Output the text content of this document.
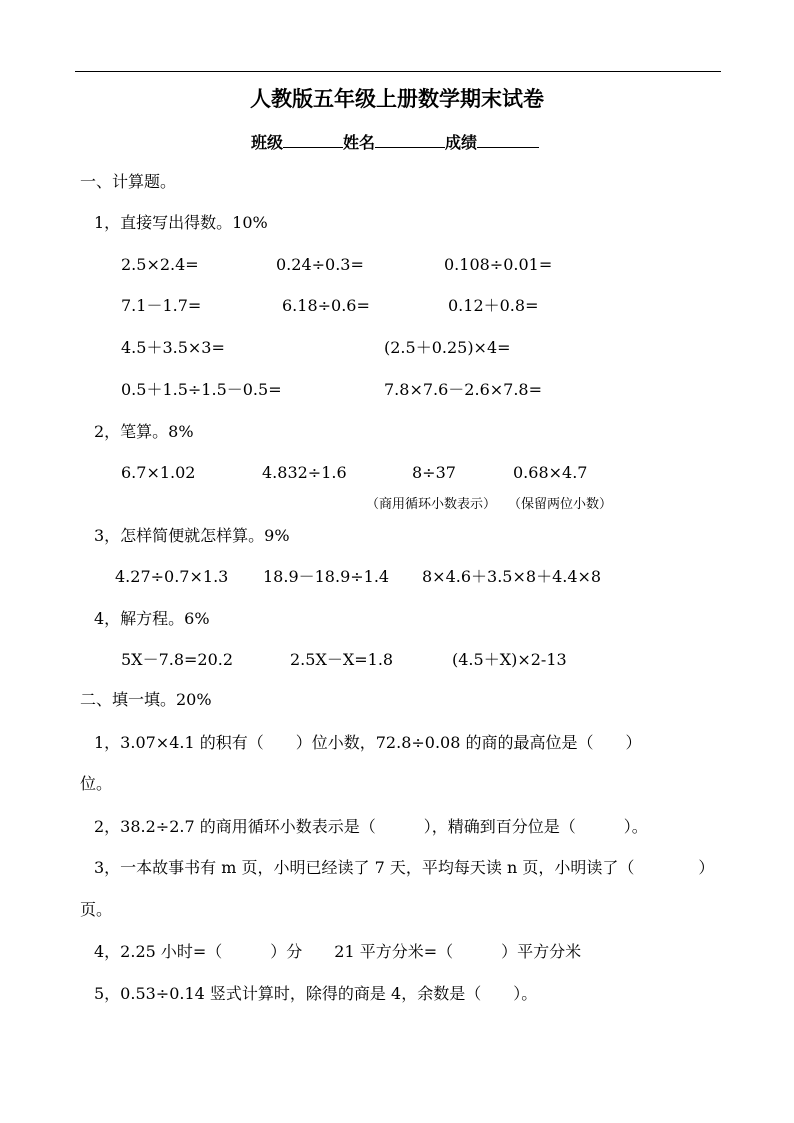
人教版五年级上册数学期末试卷
班级	姓名	成绩
一、计算题。
1，直接写出得数。10%
2.5×2.4=	0.24÷0.3=	0.108÷0.01=
7.1－1.7=	6.18÷0.6=	0.12＋0.8=
4.5＋3.5×3=	(2.5＋0.25)×4=
0.5＋1.5÷1.5－0.5=	7.8×7.6－2.6×7.8=
2，笔算。8%
6.7×1.02	4.832÷1.6	8÷37	0.68×4.7
（商用循环小数表示） （保留两位小数）
3，怎样简便就怎样算。9%
4.27÷0.7×1.3 18.9－18.9÷1.4 8×4.6＋3.5×8＋4.4×8
4，解方程。6%
5X－7.8=20.2	2.5X－X=1.8	(4.5＋X)×2-13
二、填一填。20%
1，3.07×4.1 的积有（　　）位小数，72.8÷0.08 的商的最高位是（　　）
位。
2，38.2÷2.7 的商用循环小数表示是（　　　），精确到百分位是（　　　）。
3，一本故事书有 m 页，小明已经读了 7 天，平均每天读 n 页，小明读了（　　　　）
页。
4，2.25 小时=（　　　）分　　21 平方分米=（　　　）平方分米
5，0.53÷0.14 竖式计算时，除得的商是 4，余数是（　　）。
